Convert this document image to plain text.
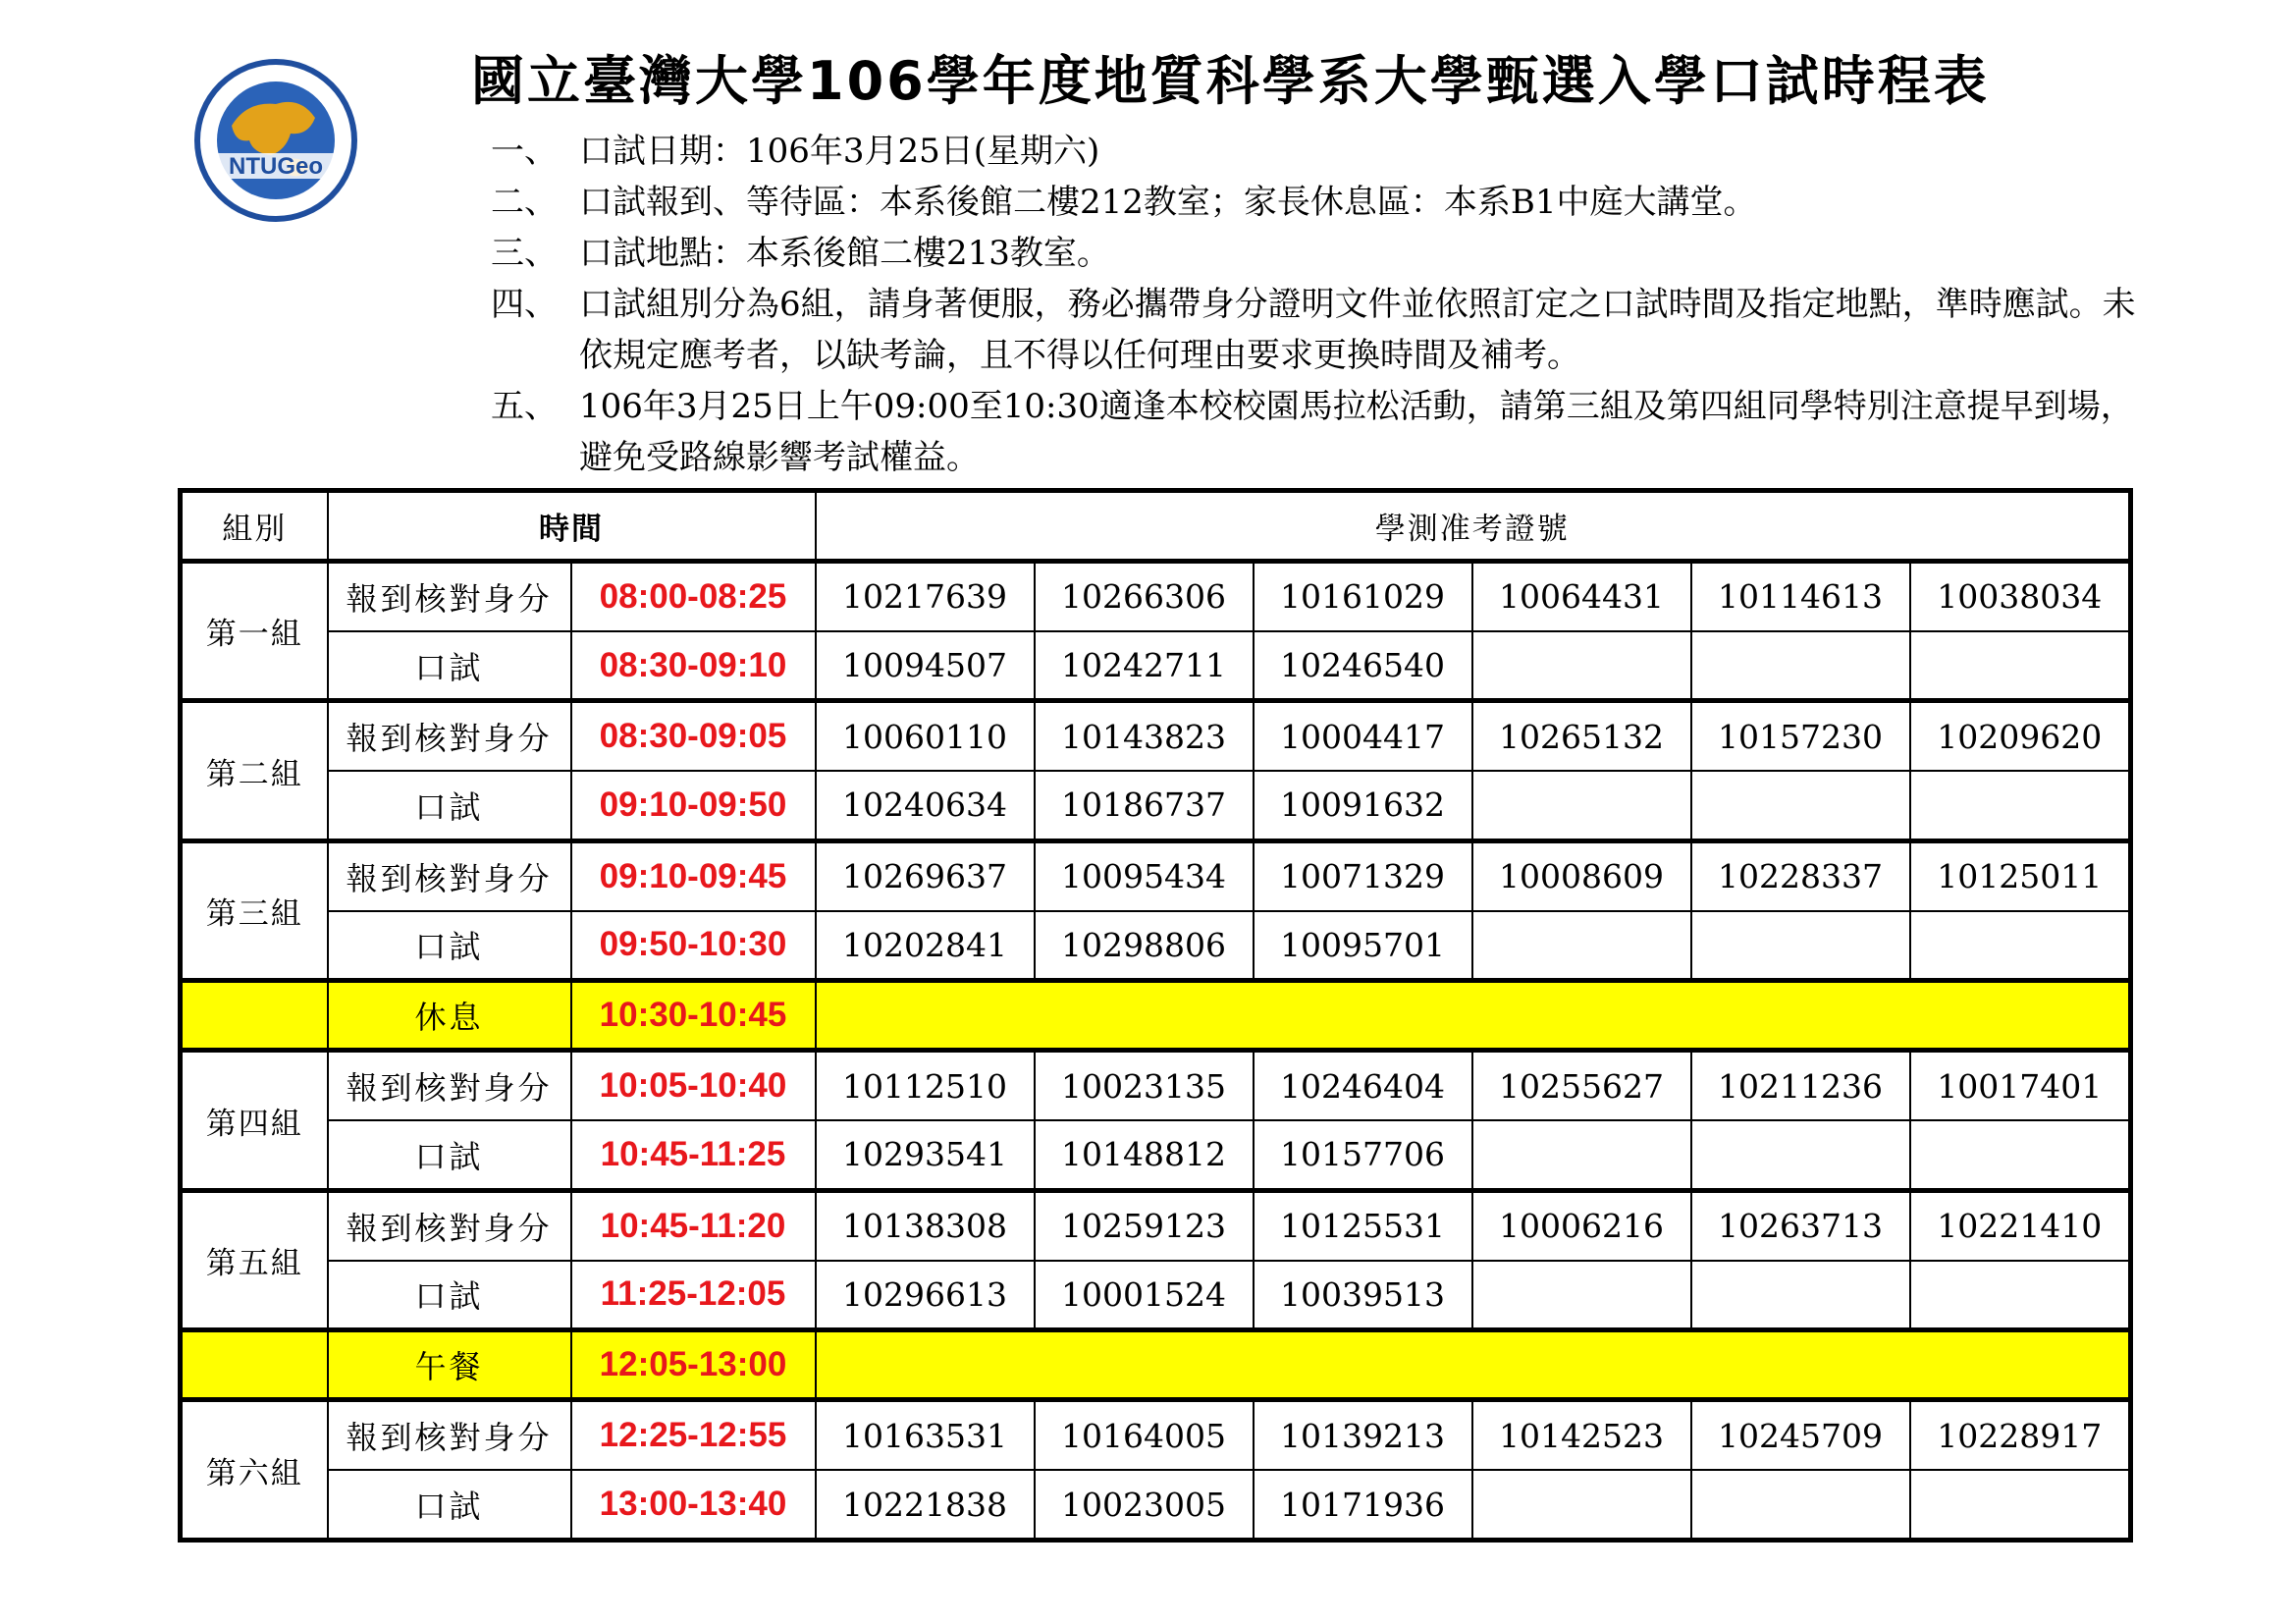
NTUGeo
國立臺灣大學106學年度地質科學系大學甄選入學口試時程表
一、 口試日期：106年3月25日(星期六)
二、 口試報到、等待區：本系後館二樓212教室；家長休息區：本系B1中庭大講堂。
三、 口試地點：本系後館二樓213教室。
四、 口試組別分為6組，請身著便服，務必攜帶身分證明文件並依照訂定之口試時間及指定地點，準時應試。未依規定應考者，以缺考論，且不得以任何理由要求更換時間及補考。
五、 106年3月25日上午09:00至10:30適逢本校校園馬拉松活動，請第三組及第四組同學特別注意提早到場，避免受路線影響考試權益。
組別	時間		學測准考證號					
第一組	報到核對身分	08:00-08:25	10217639	10266306	10161029	10064431	10114613	10038034
	口試	08:30-09:10	10094507	10242711	10246540			
第二組	報到核對身分	08:30-09:05	10060110	10143823	10004417	10265132	10157230	10209620
	口試	09:10-09:50	10240634	10186737	10091632			
第三組	報到核對身分	09:10-09:45	10269637	10095434	10071329	10008609	10228337	10125011
	口試	09:50-10:30	10202841	10298806	10095701			
	休息	10:30-10:45						
第四組	報到核對身分	10:05-10:40	10112510	10023135	10246404	10255627	10211236	10017401
	口試	10:45-11:25	10293541	10148812	10157706			
第五組	報到核對身分	10:45-11:20	10138308	10259123	10125531	10006216	10263713	10221410
	口試	11:25-12:05	10296613	10001524	10039513			
	午餐	12:05-13:00						
第六組	報到核對身分	12:25-12:55	10163531	10164005	10139213	10142523	10245709	10228917
	口試	13:00-13:40	10221838	10023005	10171936			
